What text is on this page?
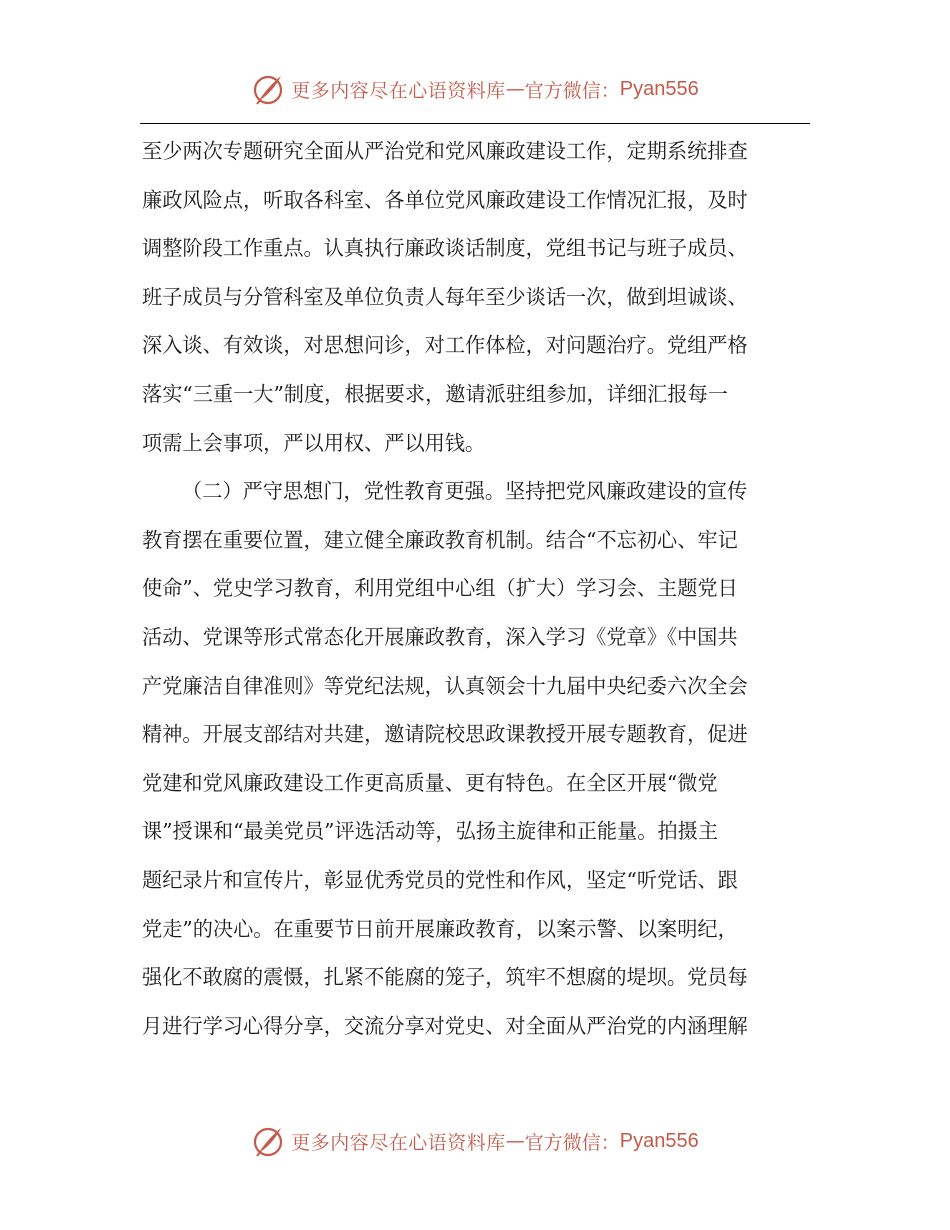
更多内容尽在心语资料库 — 官方微信： Pyan556
至少两次专题研究全面从严治党和党风廉政建设工作，定期系统排查
廉政风险点，听取各科室、各单位党风廉政建设工作情况汇报，及时
调整阶段工作重点。认真执行廉政谈话制度，党组书记与班子成员、
班子成员与分管科室及单位负责人每年至少谈话一次，做到坦诚谈、
深入谈、有效谈，对思想问诊，对工作体检，对问题治疗。党组严格
落实“三重一大”制度，根据要求，邀请派驻组参加，详细汇报每一
项需上会事项，严以用权、严以用钱。
（二）严守思想门，党性教育更强。坚持把党风廉政建设的宣传
教育摆在重要位置，建立健全廉政教育机制。结合“不忘初心、牢记
使命”、党史学习教育，利用党组中心组（扩大）学习会、主题党日
活动、党课等形式常态化开展廉政教育，深入学习《党章》《中国共
产党廉洁自律准则》等党纪法规，认真领会十九届中央纪委六次全会
精神。开展支部结对共建，邀请院校思政课教授开展专题教育，促进
党建和党风廉政建设工作更高质量、更有特色。在全区开展“微党
课”授课和“最美党员”评选活动等，弘扬主旋律和正能量。拍摄主
题纪录片和宣传片，彰显优秀党员的党性和作风，坚定“听党话、跟
党走”的决心。在重要节日前开展廉政教育，以案示警、以案明纪，
强化不敢腐的震慑，扎紧不能腐的笼子，筑牢不想腐的堤坝。党员每
月进行学习心得分享，交流分享对党史、对全面从严治党的内涵理解
更多内容尽在心语资料库 — 官方微信： Pyan556
